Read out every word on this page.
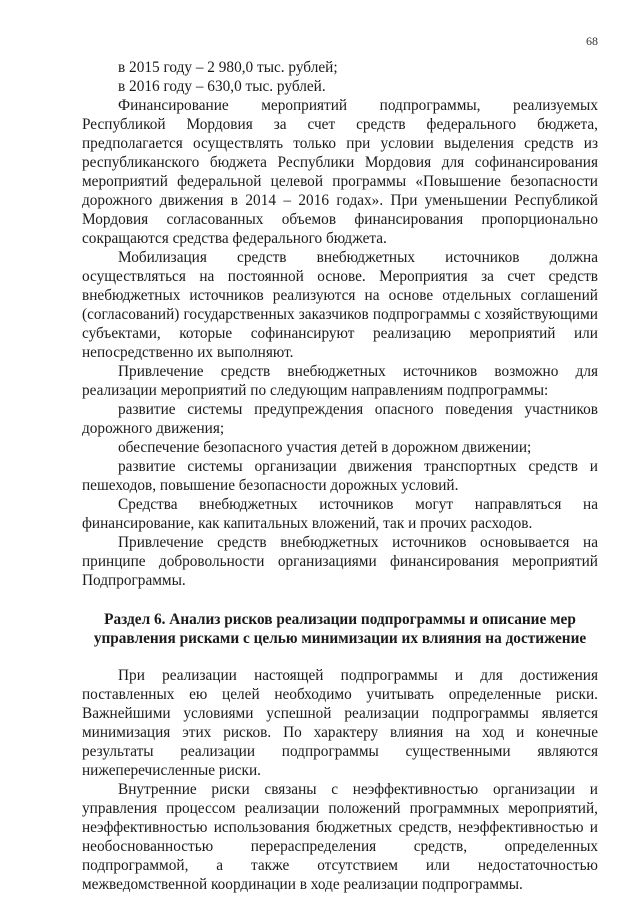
68

в 2015 году – 2 980,0 тыс. рублей;

в 2016 году – 630,0 тыс. рублей.

Финансирование мероприятий подпрограммы, реализуемых Республикой Мордовия за счет средств федерального бюджета, предполагается осуществлять только при условии выделения средств из республиканского бюджета Республики Мордовия для софинансирования мероприятий федеральной целевой программы «Повышение безопасности дорожного движения в 2014 – 2016 годах». При уменьшении Республикой Мордовия согласованных объемов финансирования пропорционально сокращаются средства федерального бюджета.

Мобилизация средств внебюджетных источников должна осуществляться на постоянной основе. Мероприятия за счет средств внебюджетных источников реализуются на основе отдельных соглашений (согласований) государственных заказчиков подпрограммы с хозяйствующими субъектами, которые софинансируют реализацию мероприятий или непосредственно их выполняют.

Привлечение средств внебюджетных источников возможно для реализации мероприятий по следующим направлениям подпрограммы:

развитие системы предупреждения опасного поведения участников дорожного движения;

обеспечение безопасного участия детей в дорожном движении;

развитие системы организации движения транспортных средств и пешеходов, повышение безопасности дорожных условий.

Средства внебюджетных источников могут направляться на финансирование, как капитальных вложений, так и прочих расходов.

Привлечение средств внебюджетных источников основывается на принципе добровольности организациями финансирования мероприятий Подпрограммы.

Раздел 6. Анализ рисков реализации подпрограммы и описание мер управления рисками с целью минимизации их влияния на достижение

При реализации настоящей подпрограммы и для достижения поставленных ею целей необходимо учитывать определенные риски. Важнейшими условиями успешной реализации подпрограммы является минимизация этих рисков. По характеру влияния на ход и конечные результаты реализации подпрограммы существенными являются нижеперечисленные риски.

Внутренние риски связаны с неэффективностью организации и управления процессом реализации положений программных мероприятий, неэффективностью использования бюджетных средств, неэффективностью и необоснованностью перераспределения средств, определенных подпрограммой, а также отсутствием или недостаточностью межведомственной координации в ходе реализации подпрограммы.
